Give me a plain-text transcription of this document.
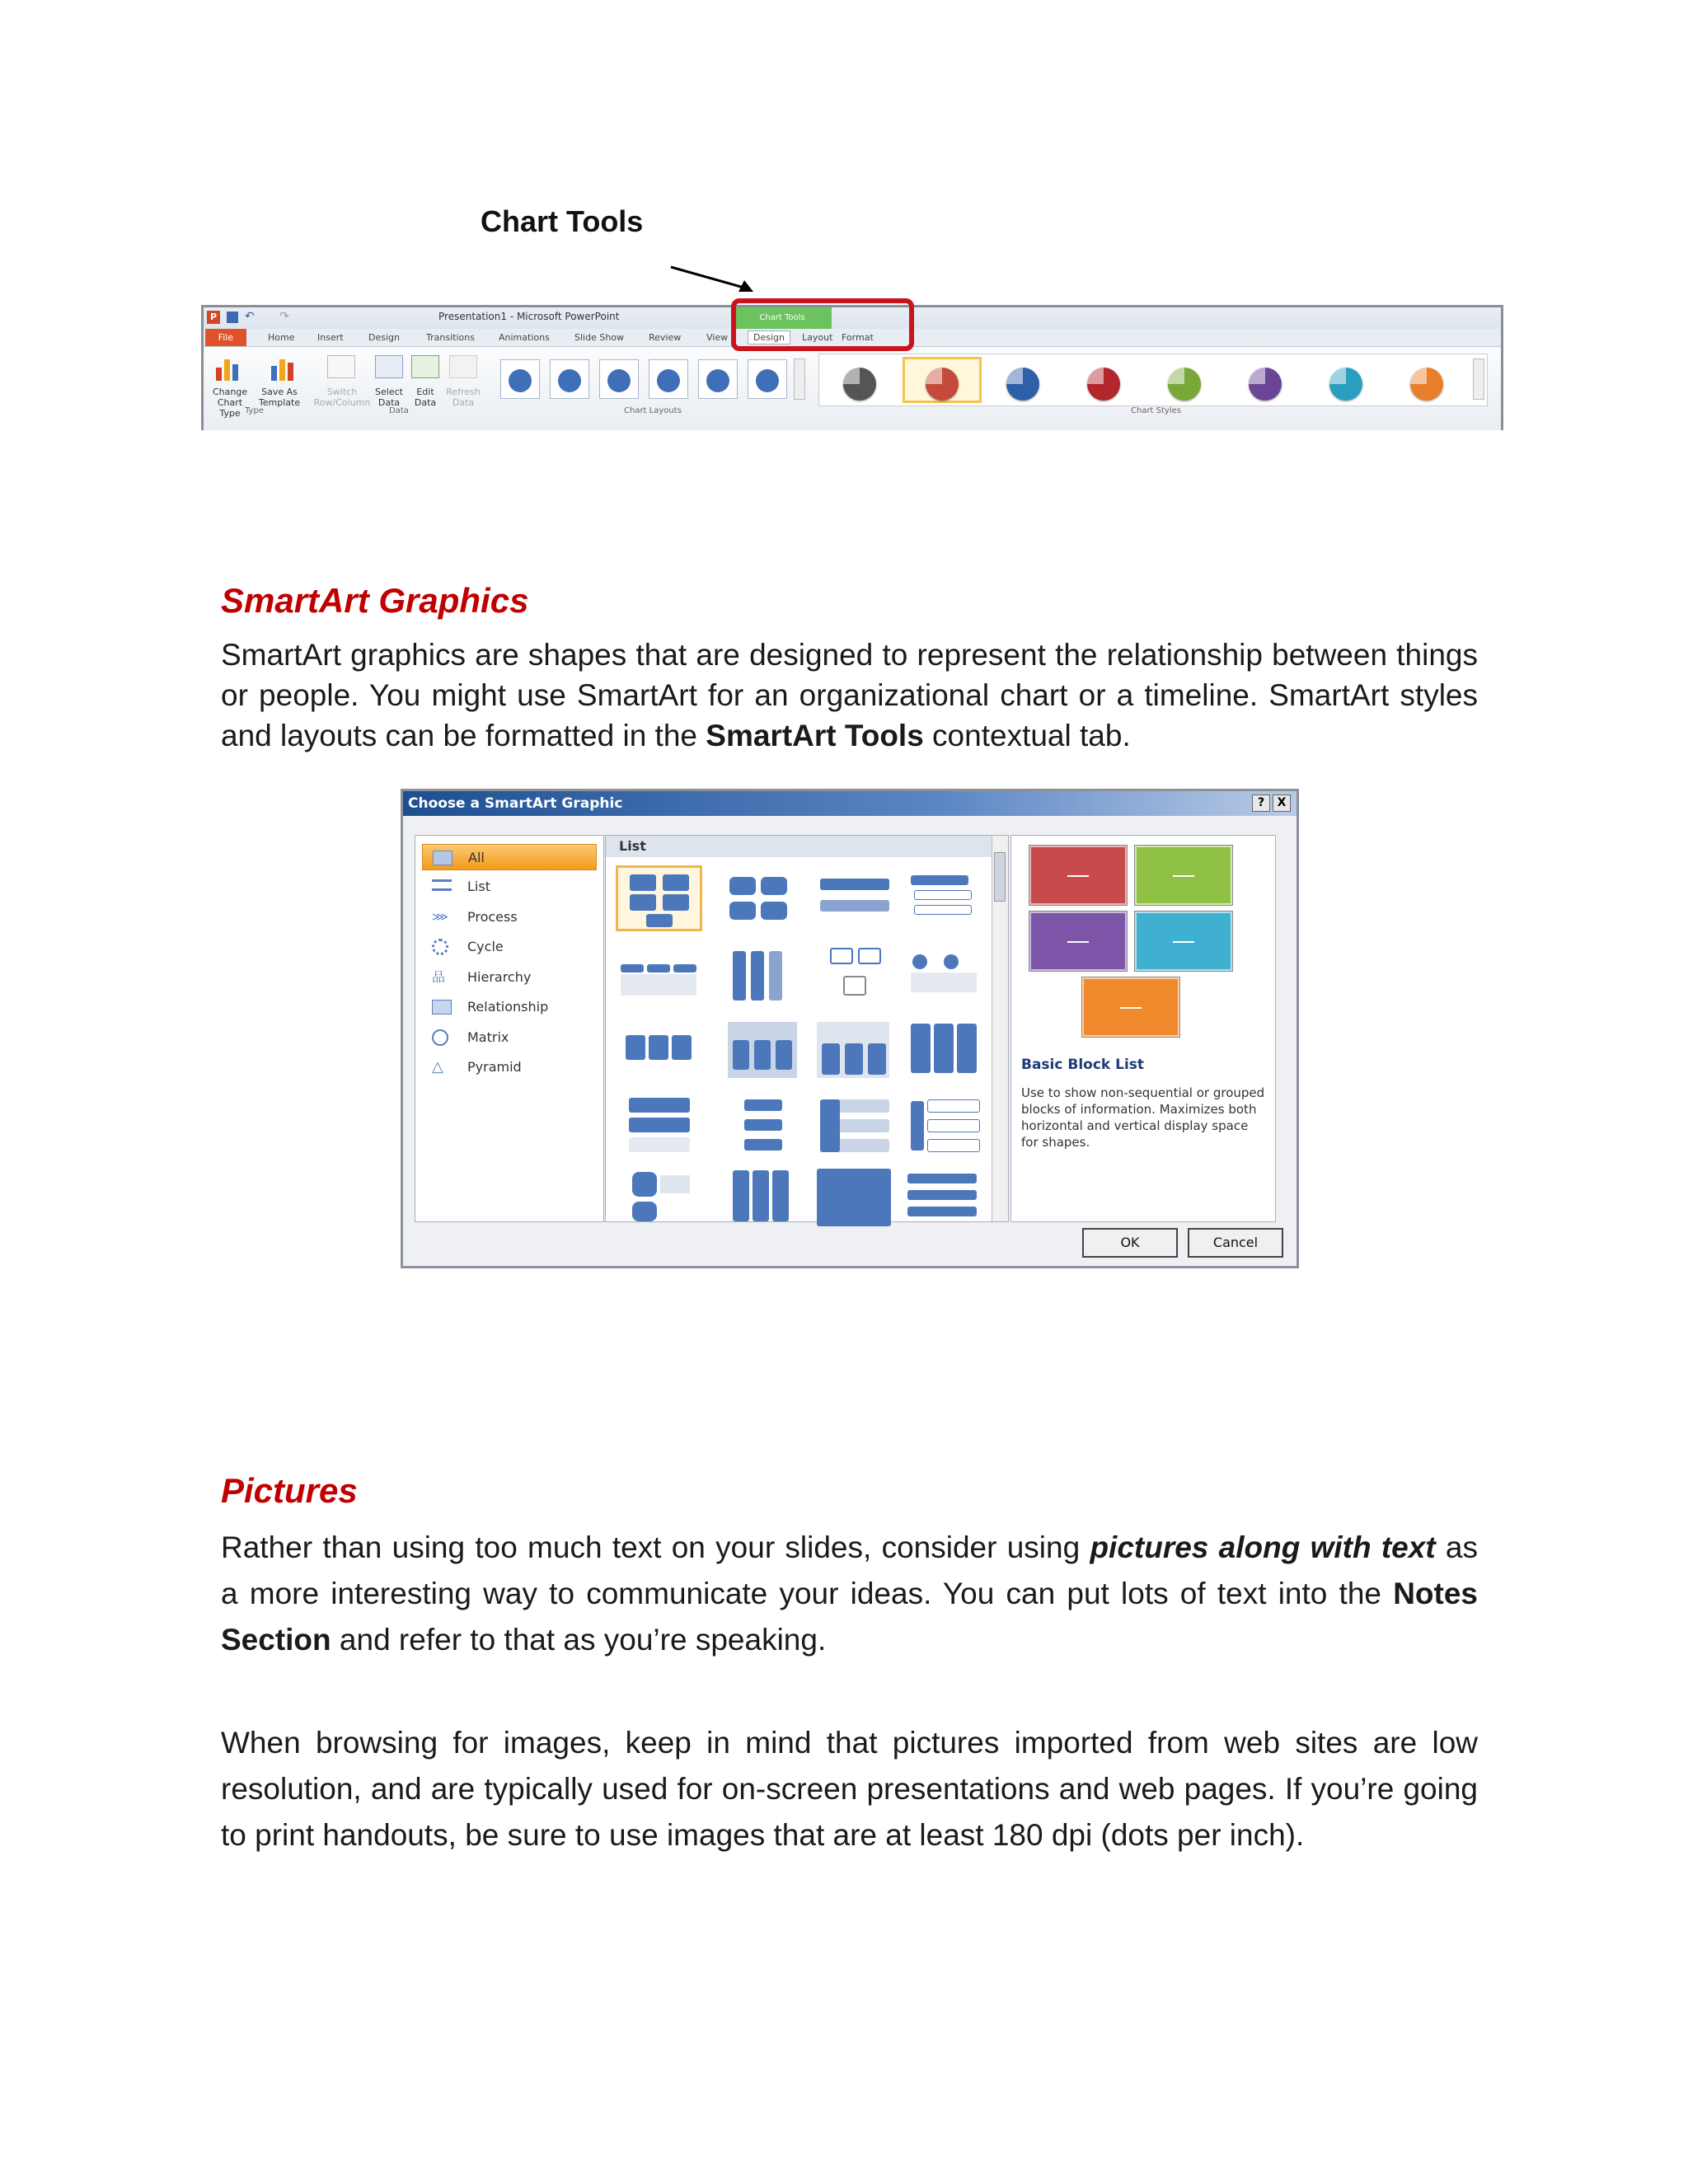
Chart Tools
P ↶ ↷	Presentation1 - Microsoft PowerPoint	Chart Tools
Home	Insert	Design	Transitions	Animations	Slide Show	Review	View	Design	Layout Format
File
Change
Chart Type
Save As
Template
Switch
Row/Column
Select
Data
Edit
Data
Refresh
Data
Type	Data	Chart Layouts	Chart Styles
SmartArt Graphics

SmartArt graphics are shapes that are designed to represent the relationship between things or people. You might use SmartArt for an organizational chart or a timeline. SmartArt styles and layouts can be formatted in the SmartArt Tools contextual tab.

Choose a SmartArt Graphic	?	X
All
List
⋙ Process
Cycle
品	Hierarchy
Relationship
Matrix
△	Pyramid
List
Basic Block List
Use to show non-sequential or grouped blocks of information. Maximizes both horizontal and vertical display space for shapes.
OK	Cancel
Pictures

Rather than using too much text on your slides, consider using pictures along with text as a more interesting way to communicate your ideas. You can put lots of text into the Notes Section and refer to that as you’re speaking.

When browsing for images, keep in mind that pictures imported from web sites are low resolution, and are typically used for on-screen presentations and web pages. If you’re going to print handouts, be sure to use images that are at least 180 dpi (dots per inch).
